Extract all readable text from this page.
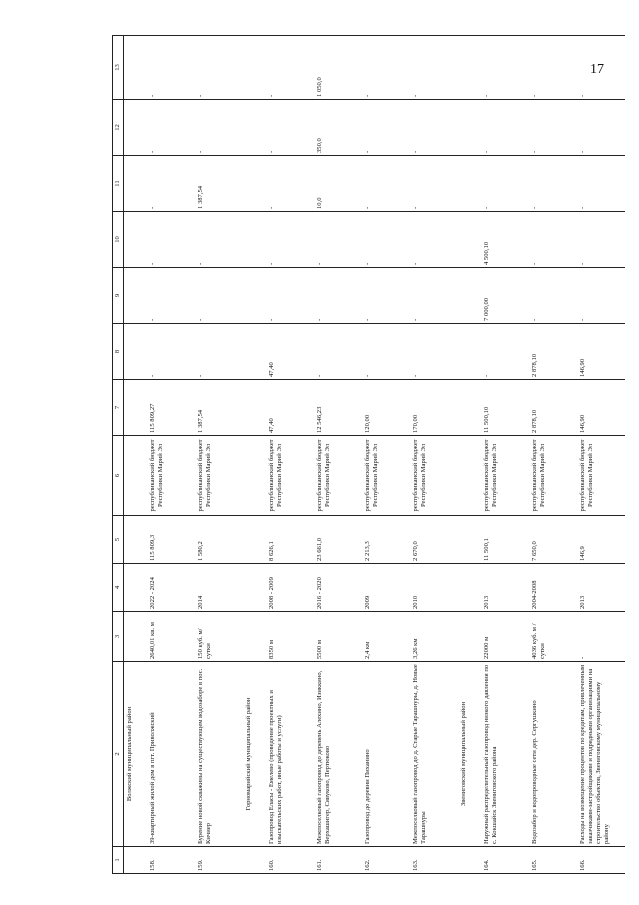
17
1	2	3	4	5	6	7	8	9	10	11	12	13
	Волжский муниципальный район											
158.	39-квартирный жилой дом в пгт. Приволжский	2640,01 кв. м	2022 - 2024	115 809,3	республиканский бюджет Республики Марий Эл	115 809,27	-	-	-	-	-	-
159.	Бурение новой скважины на существующем водозаборе в пос. Кичиер	150 куб. м/ сутки	2014	1 580,2	республиканский бюджет Республики Марий Эл	1 387,54	-	-	-	1 387,54	-	-
	Горномарийский муниципальный район											
160.	Газопровод Еласы - Емелево (проведение проектных и изыскательских работ, иные работы и услуги)	8350 м	2008 - 2009	8 626,1	республиканский бюджет Республики Марий Эл	47,40	47,40	-	-	-	-	-
161.	Межпоселковый газопровод до деревень Алехино, Изиккино, Верхашигер, Сявуково, Пертюково	5500 м	2016 - 2020	23 661,0	республиканский бюджет Республики Марий Эл	12 546,23	-	-	-	10,0	350,0	1 050,0
162.	Газопровод до деревни Пиханино	2,4 км	2009	2 213,3	республиканский бюджет Республики Марий Эл	120,00	-	-	-	-	-	-
163.	Межпоселковый газопровод до д. Старые Тарашнуры, д. Новые Тарашнуры	3,26 км	2010	2 670,0	республиканский бюджет Республики Марий Эл	170,00	-	-	-	-	-	-
	Звениговский муниципальный район											
164.	Наружный распределительный газопровод низкого давления по с. Кокшайск Звениговского района	22000 м	2013	11 500,1	республиканский бюджет Республики Марий Эл	11 500,10	-	7 000,00	4 500,10	-	-	-
165.	Водозабор и водопроводные сети дер. Сергушкино	4036 куб. м / сутки	2004-2008	7 650,0	республиканский бюджет Республики Марий Эл	2 878,10	2 878,10	-	-	-	-	-
166.	Расходы на возмещение процентов по кредитам, привлеченным заказчиками-застройщиками и подрядными организациями на строительство объектов, Звениговскому муниципальному району	-	2013	146,9	республиканский бюджет Республики Марий Эл	146,90	146,90	-	-	-	-	-
